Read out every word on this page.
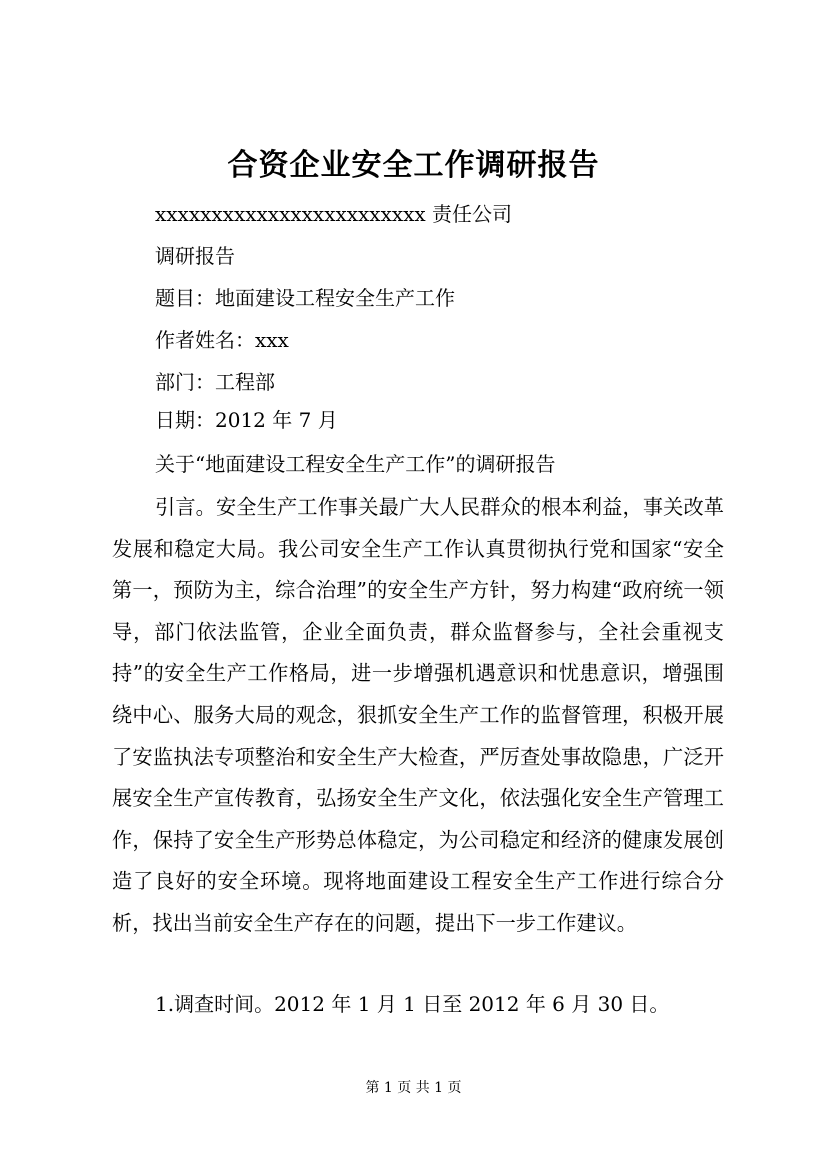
合资企业安全工作调研报告
xxxxxxxxxxxxxxxxxxxxxxxx 责任公司
调研报告
题目：地面建设工程安全生产工作
作者姓名：xxx
部门：工程部
日期：2012 年 7 月
关于“地面建设工程安全生产工作”的调研报告
引言。安全生产工作事关最广大人民群众的根本利益，事关改革发展和稳定大局。我公司安全生产工作认真贯彻执行党和国家“安全第一，预防为主，综合治理”的安全生产方针，努力构建“政府统一领导，部门依法监管，企业全面负责，群众监督参与，全社会重视支持”的安全生产工作格局，进一步增强机遇意识和忧患意识，增强围绕中心、服务大局的观念，狠抓安全生产工作的监督管理，积极开展了安监执法专项整治和安全生产大检查，严厉查处事故隐患，广泛开展安全生产宣传教育，弘扬安全生产文化，依法强化安全生产管理工作，保持了安全生产形势总体稳定，为公司稳定和经济的健康发展创造了良好的安全环境。现将地面建设工程安全生产工作进行综合分析，找出当前安全生产存在的问题，提出下一步工作建议。
1.调查时间。2012 年 1 月 1 日至 2012 年 6 月 30 日。
第 1 页 共 1 页
